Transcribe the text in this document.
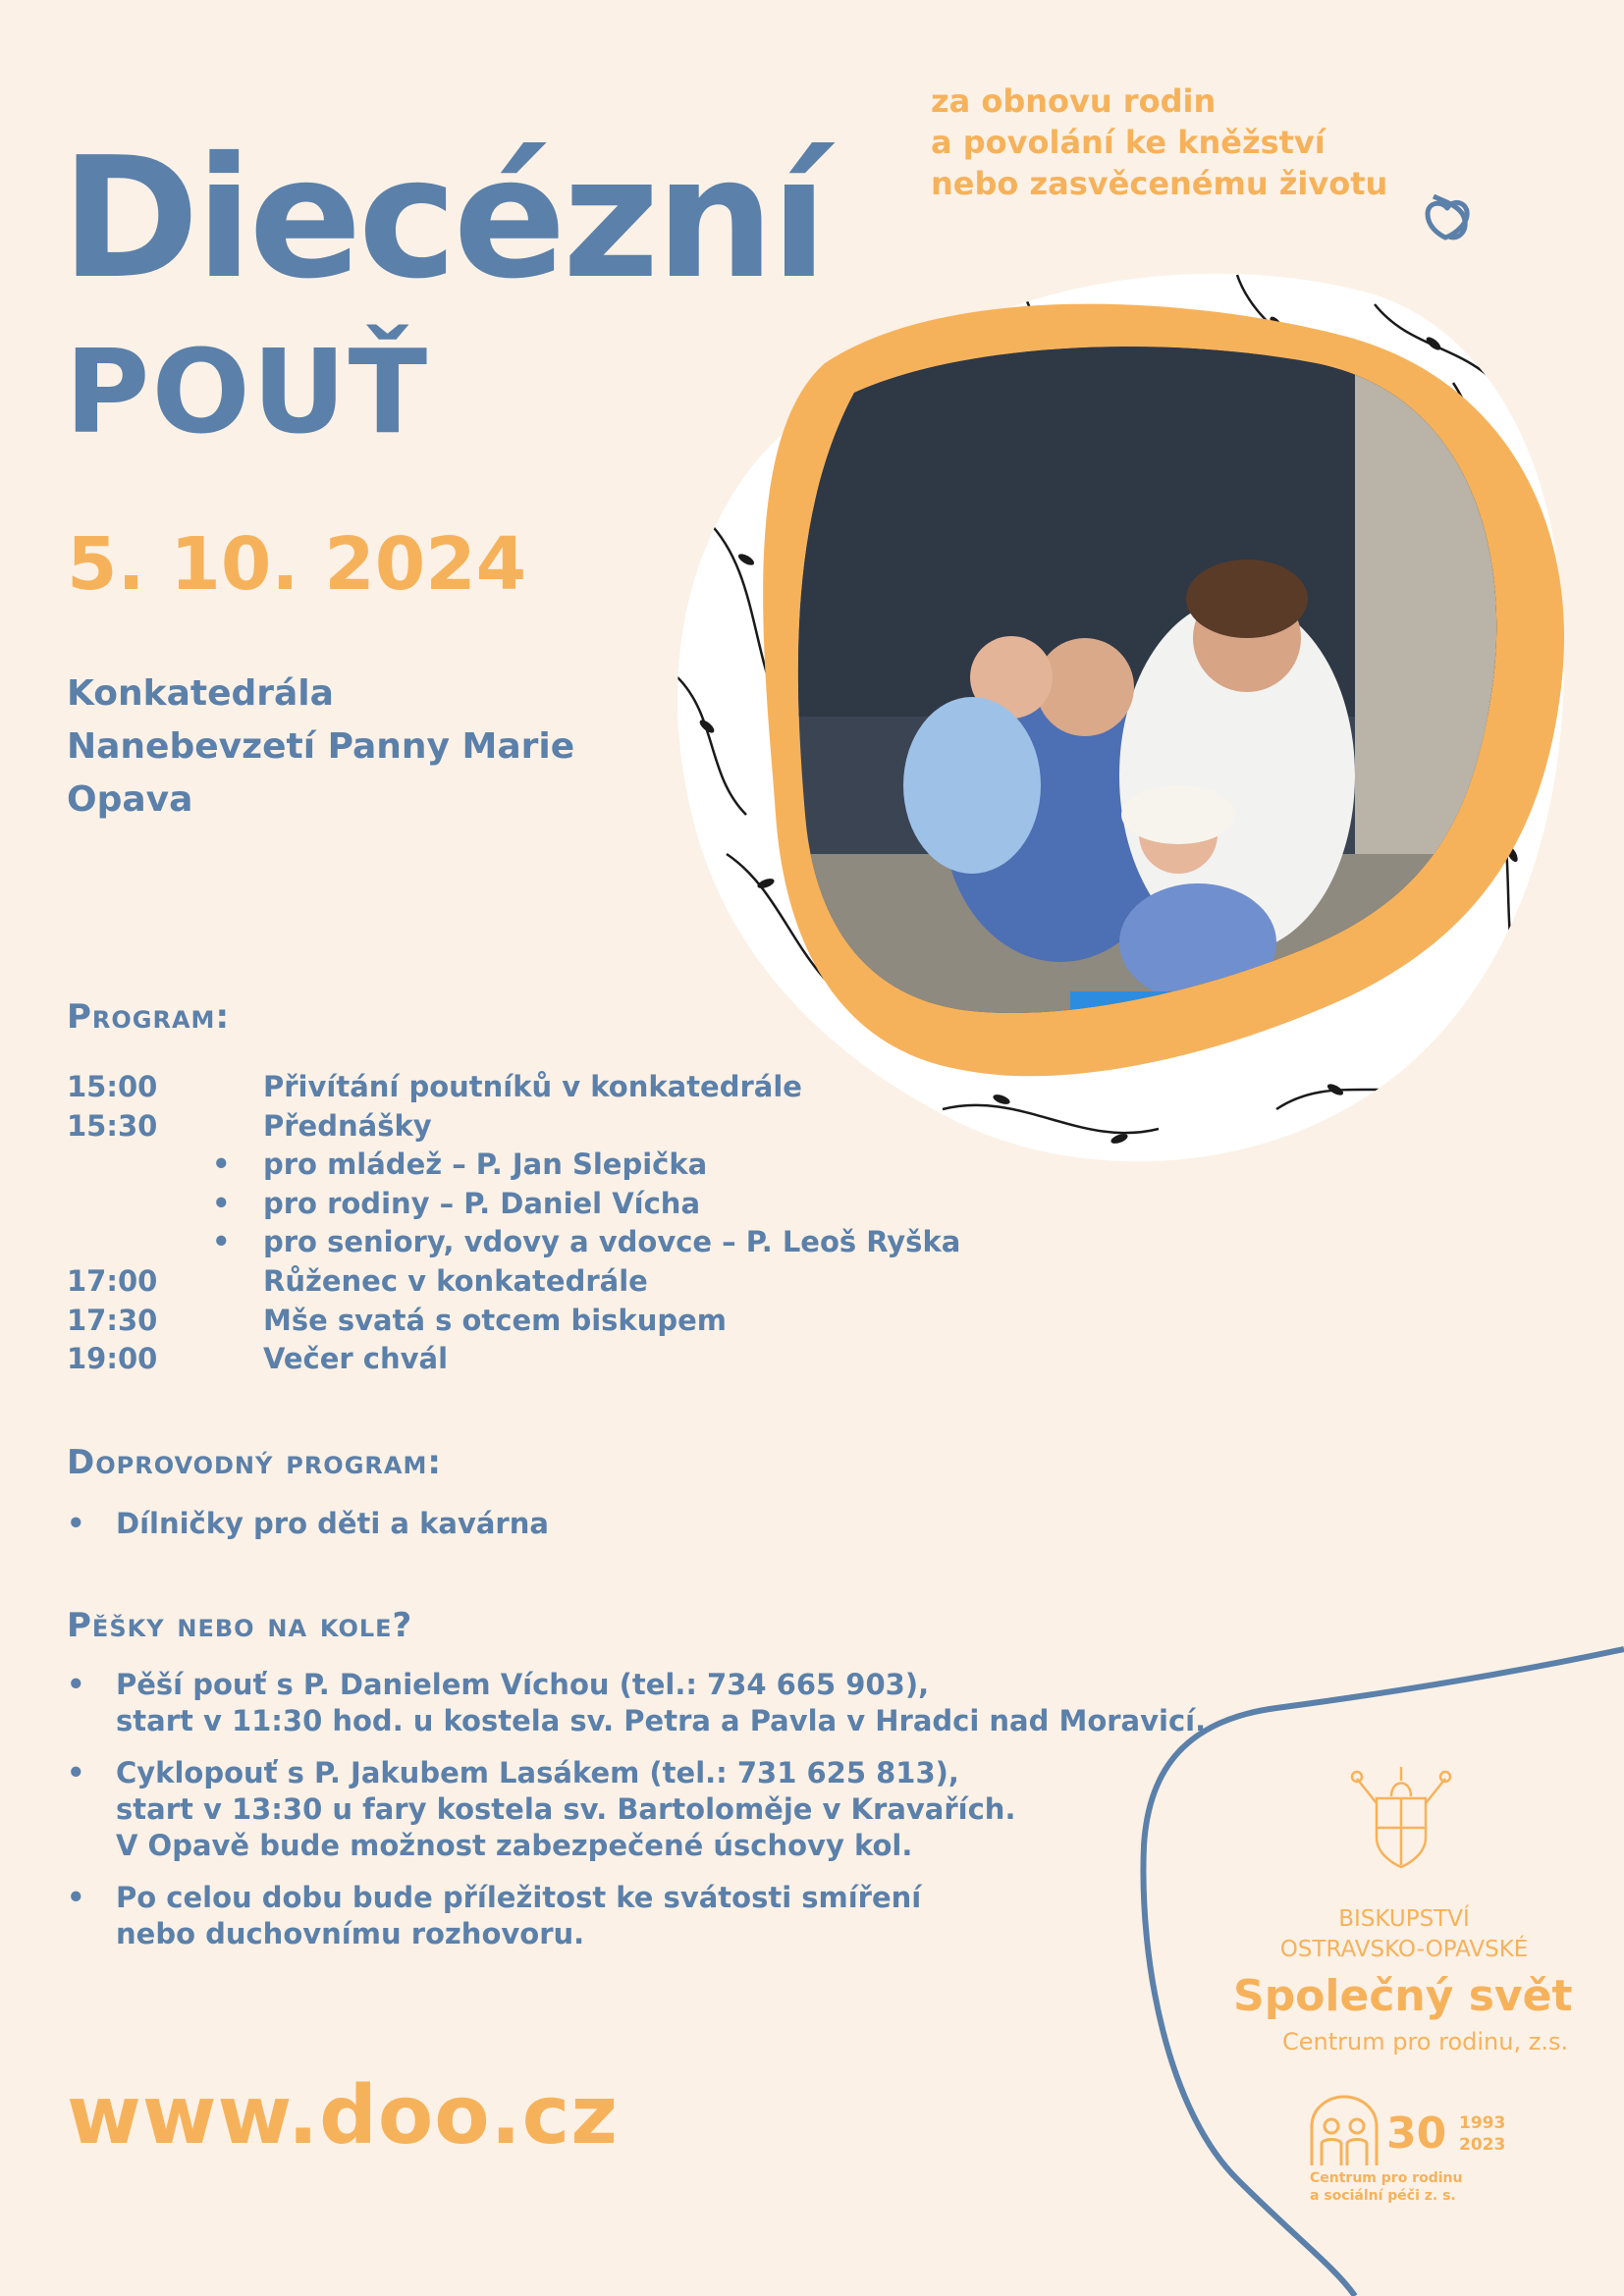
Diecézní
POUŤ
5. 10. 2024
za obnovu rodin
a povolání ke kněžství
nebo zasvěcenému životu
Konkatedrála
Nanebevzetí Panny Marie
Opava
Program:
15:00	Přivítání poutníků v konkatedrále
15:30	Přednášky
• pro mládež – P. Jan Slepička
• pro rodiny – P. Daniel Vícha
• pro seniory, vdovy a vdovce – P. Leoš Ryška
17:00	Růženec v konkatedrále
17:30	Mše svatá s otcem biskupem
19:00	Večer chvál
Doprovodný program:
• Dílničky pro děti a kavárna
Pěšky nebo na kole?
• Pěší pouť s P. Danielem Víchou (tel.: 734 665 903),
start v 11:30 hod. u kostela sv. Petra a Pavla v Hradci nad Moravicí.
• Cyklopouť s P. Jakubem Lasákem (tel.: 731 625 813),
start v 13:30 u fary kostela sv. Bartoloměje v Kravařích.
V Opavě bude možnost zabezpečené úschovy kol.
• Po celou dobu bude příležitost ke svátosti smíření
nebo duchovnímu rozhovoru.
www.doo.cz
BISKUPSTVÍ
OSTRAVSKO-OPAVSKÉ
Společný svět
Centrum pro rodinu, z.s.
30 1993
2023
Centrum pro rodinu
a sociální péči z. s.
